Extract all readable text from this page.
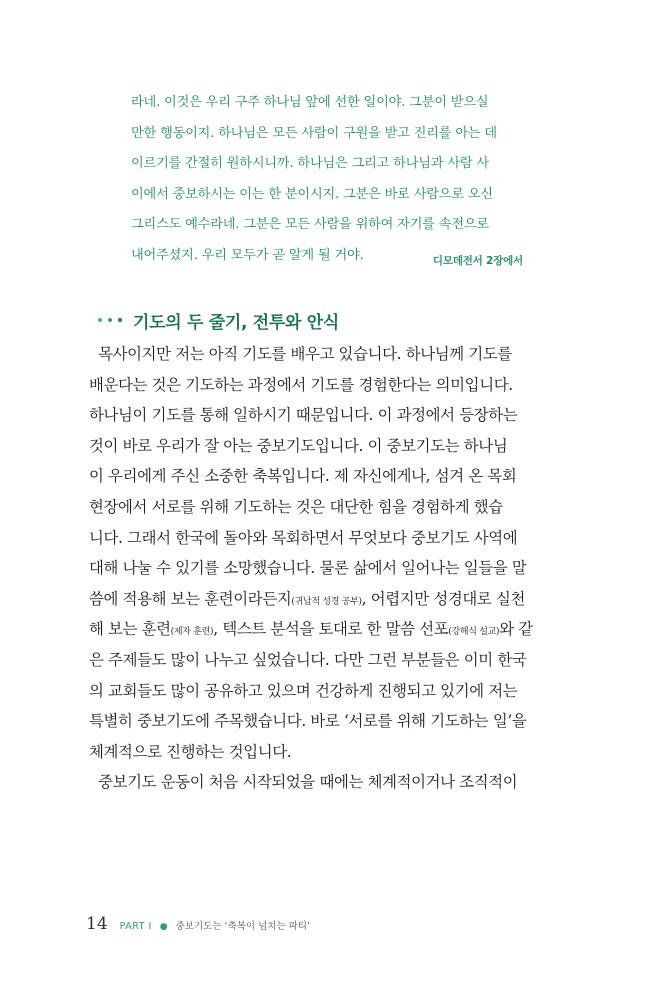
라네. 이것은 우리 구주 하나님 앞에 선한 일이야. 그분이 받으실
만한 행동이지. 하나님은 모든 사람이 구원을 받고 진리를 아는 데
이르기를 간절히 원하시니까. 하나님은 그리고 하나님과 사람 사
이에서 중보하시는 이는 한 분이시지. 그분은 바로 사람으로 오신
그리스도 예수라네. 그분은 모든 사람을 위하여 자기를 속전으로
내어주셨지. 우리 모두가 곧 알게 될 거야.	디모데전서 2장에서
기도의 두 줄기, 전투와 안식
목사이지만 저는 아직 기도를 배우고 있습니다. 하나님께 기도를
배운다는 것은 기도하는 과정에서 기도를 경험한다는 의미입니다.
하나님이 기도를 통해 일하시기 때문입니다. 이 과정에서 등장하는
것이 바로 우리가 잘 아는 중보기도입니다. 이 중보기도는 하나님
이 우리에게 주신 소중한 축복입니다. 제 자신에게나, 섬겨 온 목회
현장에서 서로를 위해 기도하는 것은 대단한 힘을 경험하게 했습
니다. 그래서 한국에 돌아와 목회하면서 무엇보다 중보기도 사역에
대해 나눌 수 있기를 소망했습니다. 물론 삶에서 일어나는 일들을 말
씀에 적용해 보는 훈련이라든지(귀납적 성경 공부), 어렵지만 성경대로 실천
해 보는 훈련(제자 훈련), 텍스트 분석을 토대로 한 말씀 선포(강해식 설교)와 같
은 주제들도 많이 나누고 싶었습니다. 다만 그런 부분들은 이미 한국
의 교회들도 많이 공유하고 있으며 건강하게 진행되고 있기에 저는
특별히 중보기도에 주목했습니다. 바로 ‘서로를 위해 기도하는 일’을
체계적으로 진행하는 것입니다.
중보기도 운동이 처음 시작되었을 때에는 체계적이거나 조직적이
14 PART I ● 중보기도는 ‘축복이 넘치는 파티’
